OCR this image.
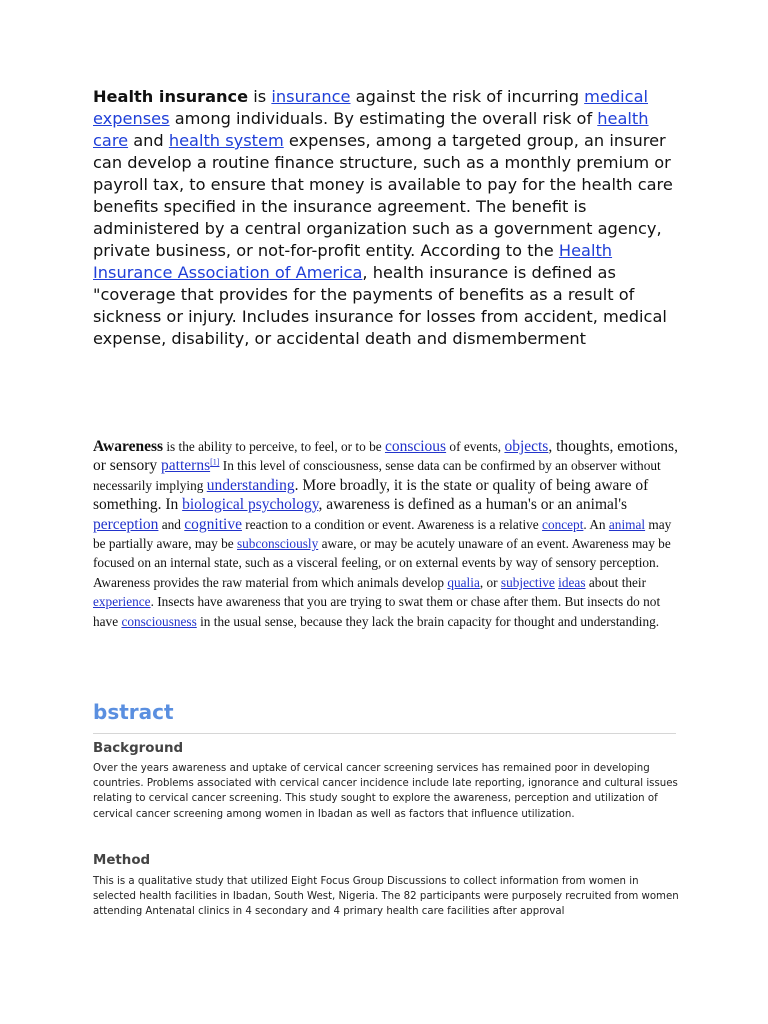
Health insurance is insurance against the risk of incurring medical expenses among individuals. By estimating the overall risk of health care and health system expenses, among a targeted group, an insurer can develop a routine finance structure, such as a monthly premium or payroll tax, to ensure that money is available to pay for the health care benefits specified in the insurance agreement. The benefit is administered by a central organization such as a government agency, private business, or not-for-profit entity. According to the Health Insurance Association of America, health insurance is defined as "coverage that provides for the payments of benefits as a result of sickness or injury. Includes insurance for losses from accident, medical expense, disability, or accidental death and dismemberment

Awareness is the ability to perceive, to feel, or to be conscious of events, objects, thoughts, emotions, or sensory patterns[1] In this level of consciousness, sense data can be confirmed by an observer without necessarily implying understanding. More broadly, it is the state or quality of being aware of something. In biological psychology, awareness is defined as a human's or an animal's perception and cognitive reaction to a condition or event. Awareness is a relative concept. An animal may be partially aware, may be subconsciously aware, or may be acutely unaware of an event. Awareness may be focused on an internal state, such as a visceral feeling, or on external events by way of sensory perception. Awareness provides the raw material from which animals develop qualia, or subjective ideas about their experience. Insects have awareness that you are trying to swat them or chase after them. But insects do not have consciousness in the usual sense, because they lack the brain capacity for thought and understanding.

bstract
Background

Over the years awareness and uptake of cervical cancer screening services has remained poor in developing countries. Problems associated with cervical cancer incidence include late reporting, ignorance and cultural issues relating to cervical cancer screening. This study sought to explore the awareness, perception and utilization of cervical cancer screening among women in Ibadan as well as factors that influence utilization.

Method

This is a qualitative study that utilized Eight Focus Group Discussions to collect information from women in selected health facilities in Ibadan, South West, Nigeria. The 82 participants were purposely recruited from women attending Antenatal clinics in 4 secondary and 4 primary health care facilities after approval
